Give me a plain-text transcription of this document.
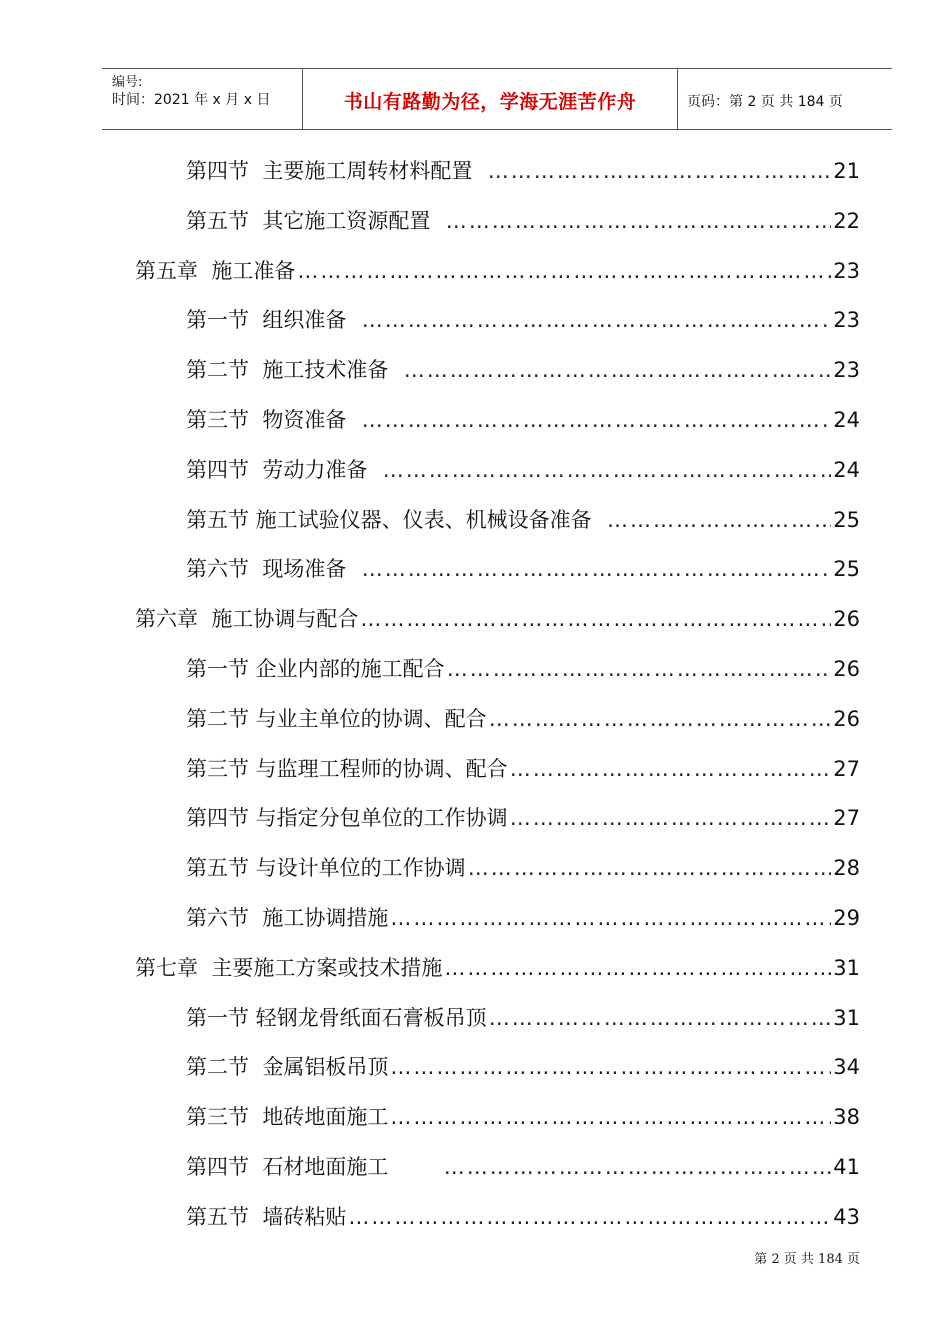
编号:
时间：2021 年 x 月 x 日	书山有路勤为径，学海无涯苦作舟	页码：第 2 页 共 184 页
第四节  主要施工周转材料配置 ……………………………………………………………………………………………………………………………	21
第五节  其它施工资源配置 ……………………………………………………………………………………………………………………………	22
第五章  施工准备 ……………………………………………………………………………………………………………………………	23
第一节  组织准备 ……………………………………………………………………………………………………………………………	23
第二节  施工技术准备 ……………………………………………………………………………………………………………………………	23
第三节  物资准备 ……………………………………………………………………………………………………………………………	24
第四节  劳动力准备 ……………………………………………………………………………………………………………………………	24
第五节 施工试验仪器、仪表、机械设备准备 ……………………………………………………………………………………………………………………………	25
第六节  现场准备 ……………………………………………………………………………………………………………………………	25
第六章  施工协调与配合 ……………………………………………………………………………………………………………………………	26
第一节 企业内部的施工配合 ……………………………………………………………………………………………………………………………	26
第二节 与业主单位的协调、配合 ……………………………………………………………………………………………………………………………	26
第三节 与监理工程师的协调、配合 ……………………………………………………………………………………………………………………………	27
第四节 与指定分包单位的工作协调 ……………………………………………………………………………………………………………………………	27
第五节 与设计单位的工作协调 ……………………………………………………………………………………………………………………………	28
第六节  施工协调措施 ……………………………………………………………………………………………………………………………	29
第七章  主要施工方案或技术措施 ……………………………………………………………………………………………………………………………	31
第一节 轻钢龙骨纸面石膏板吊顶 ……………………………………………………………………………………………………………………………	31
第二节  金属铝板吊顶 ……………………………………………………………………………………………………………………………	34
第三节  地砖地面施工 ……………………………………………………………………………………………………………………………	38
第四节  石材地面施工 ……………………………………………………………………………………………………………………………	41
第五节  墙砖粘贴 ……………………………………………………………………………………………………………………………	43
第 2 页 共 184 页
